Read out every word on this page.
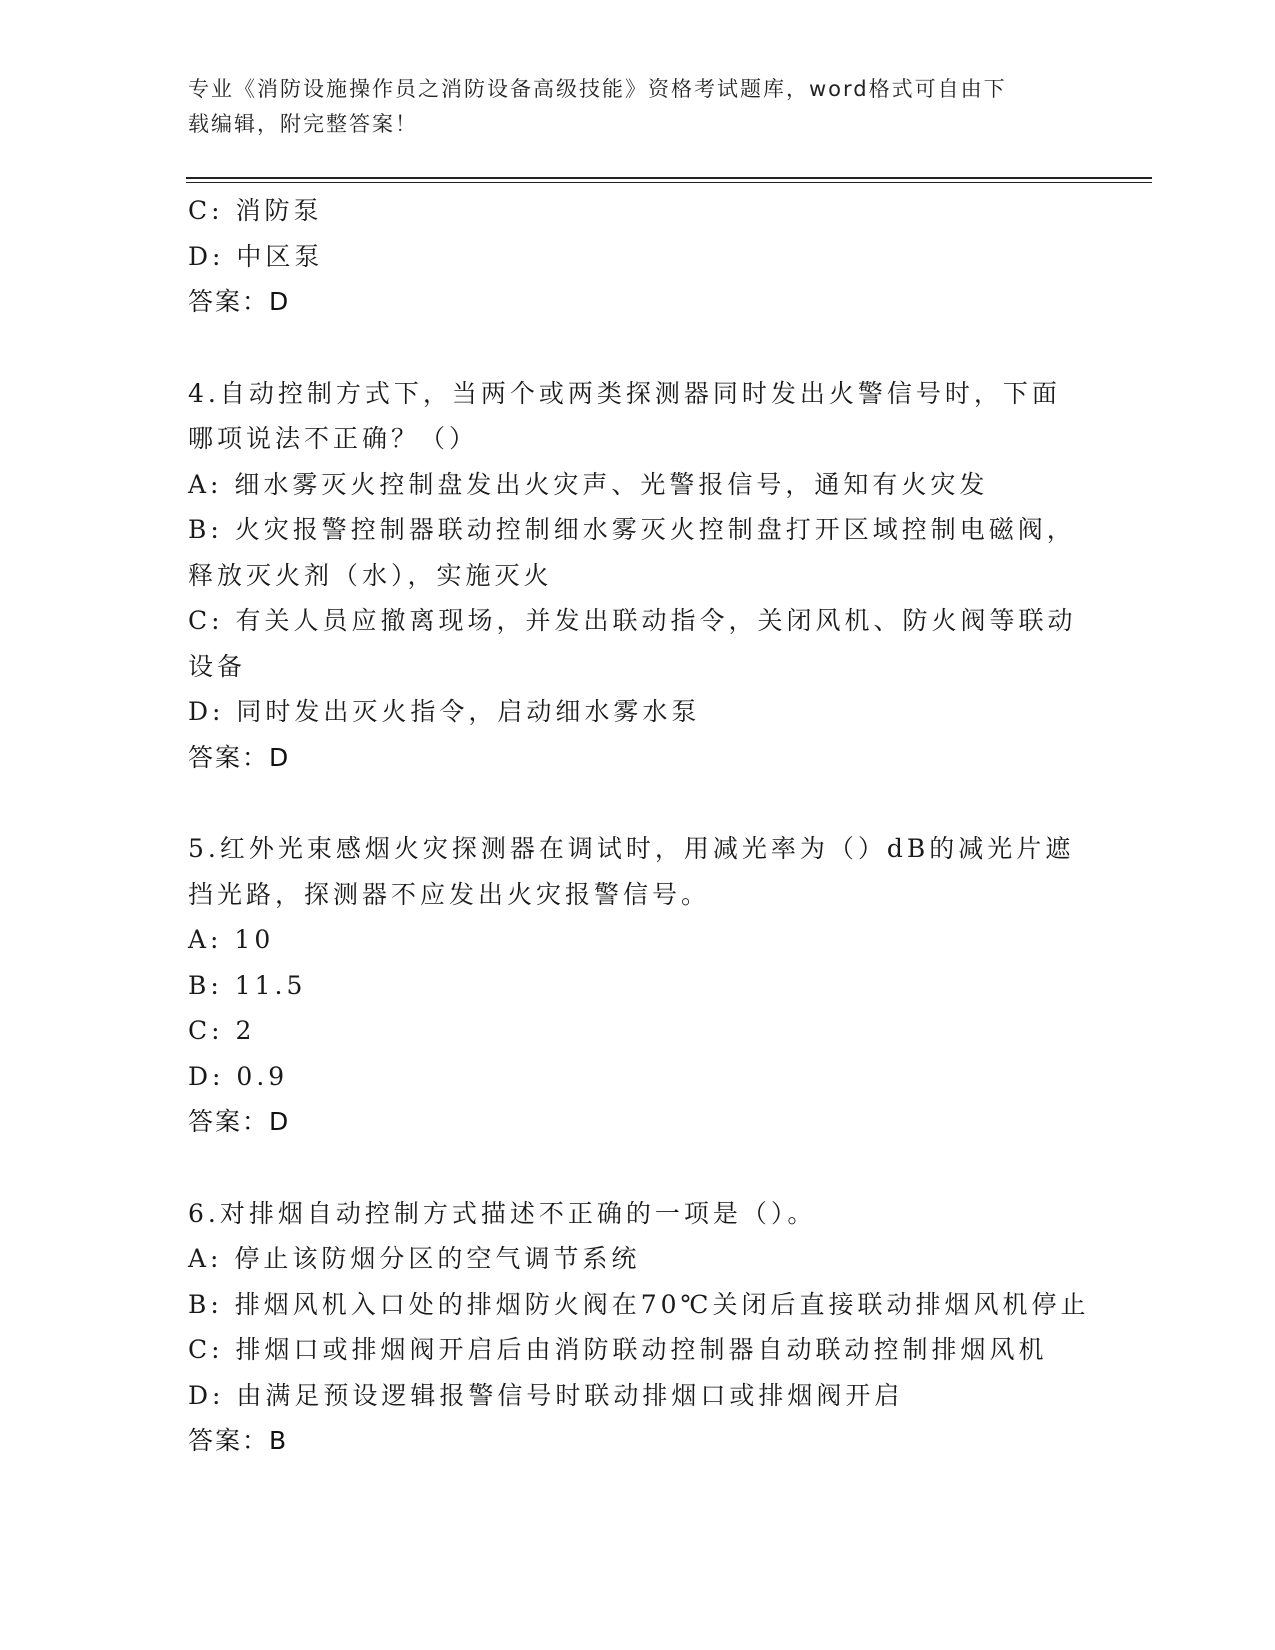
专业《消防设施操作员之消防设备高级技能》资格考试题库，word格式可自由下
载编辑，附完整答案！
C: 消防泵
D: 中区泵
答案：D
4.自动控制方式下，当两个或两类探测器同时发出火警信号时，下面
哪项说法不正确？（）
A: 细水雾灭火控制盘发出火灾声、光警报信号，通知有火灾发
B: 火灾报警控制器联动控制细水雾灭火控制盘打开区域控制电磁阀，
释放灭火剂（水），实施灭火
C: 有关人员应撤离现场，并发出联动指令，关闭风机、防火阀等联动
设备
D: 同时发出灭火指令，启动细水雾水泵
答案：D
5.红外光束感烟火灾探测器在调试时，用减光率为（）dB的减光片遮
挡光路，探测器不应发出火灾报警信号。
A: 10
B: 11.5
C: 2
D: 0.9
答案：D
6.对排烟自动控制方式描述不正确的一项是（）。
A: 停止该防烟分区的空气调节系统
B: 排烟风机入口处的排烟防火阀在70℃关闭后直接联动排烟风机停止
C: 排烟口或排烟阀开启后由消防联动控制器自动联动控制排烟风机
D: 由满足预设逻辑报警信号时联动排烟口或排烟阀开启
答案：B
